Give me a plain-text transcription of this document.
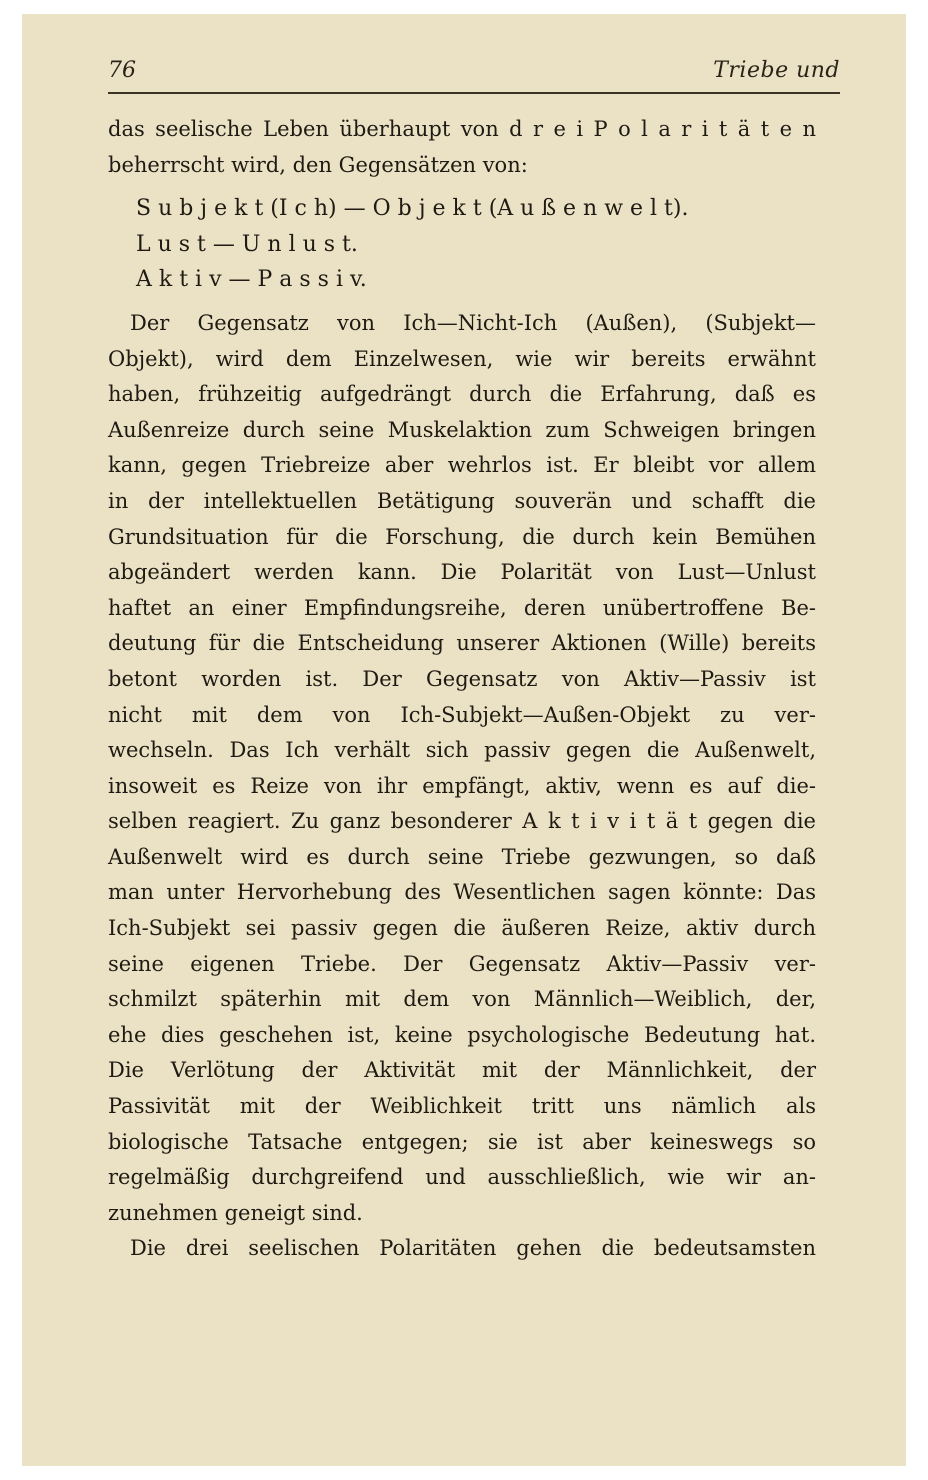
76	Triebe und
das seelische Leben überhaupt von d r e i P o l a r i t ä t e n
beherrscht wird, den Gegensätzen von:
S u b j e k t (I c h) — O b j e k t (A u ß e n w e l t).
L u s t — U n l u s t.
A k t i v — P a s s i v.
Der Gegensatz von Ich—Nicht-Ich (Außen), (Subjekt—
Objekt), wird dem Einzelwesen, wie wir bereits erwähnt
haben, frühzeitig aufgedrängt durch die Erfahrung, daß es
Außenreize durch seine Muskelaktion zum Schweigen bringen
kann, gegen Triebreize aber wehrlos ist. Er bleibt vor allem
in der intellektuellen Betätigung souverän und schafft die
Grundsituation für die Forschung, die durch kein Bemühen
abgeändert werden kann. Die Polarität von Lust—Unlust
haftet an einer Empfindungsreihe, deren unübertroffene Be-
deutung für die Entscheidung unserer Aktionen (Wille) bereits
betont worden ist. Der Gegensatz von Aktiv—Passiv ist
nicht mit dem von Ich-Subjekt—Außen-Objekt zu ver-
wechseln. Das Ich verhält sich passiv gegen die Außenwelt,
insoweit es Reize von ihr empfängt, aktiv, wenn es auf die-
selben reagiert. Zu ganz besonderer A k t i v i t ä t gegen die
Außenwelt wird es durch seine Triebe gezwungen, so daß
man unter Hervorhebung des Wesentlichen sagen könnte: Das
Ich-Subjekt sei passiv gegen die äußeren Reize, aktiv durch
seine eigenen Triebe. Der Gegensatz Aktiv—Passiv ver-
schmilzt späterhin mit dem von Männlich—Weiblich, der,
ehe dies geschehen ist, keine psychologische Bedeutung hat.
Die Verlötung der Aktivität mit der Männlichkeit, der
Passivität mit der Weiblichkeit tritt uns nämlich als
biologische Tatsache entgegen; sie ist aber keineswegs so
regelmäßig durchgreifend und ausschließlich, wie wir an-
zunehmen geneigt sind.
Die drei seelischen Polaritäten gehen die bedeutsamsten
